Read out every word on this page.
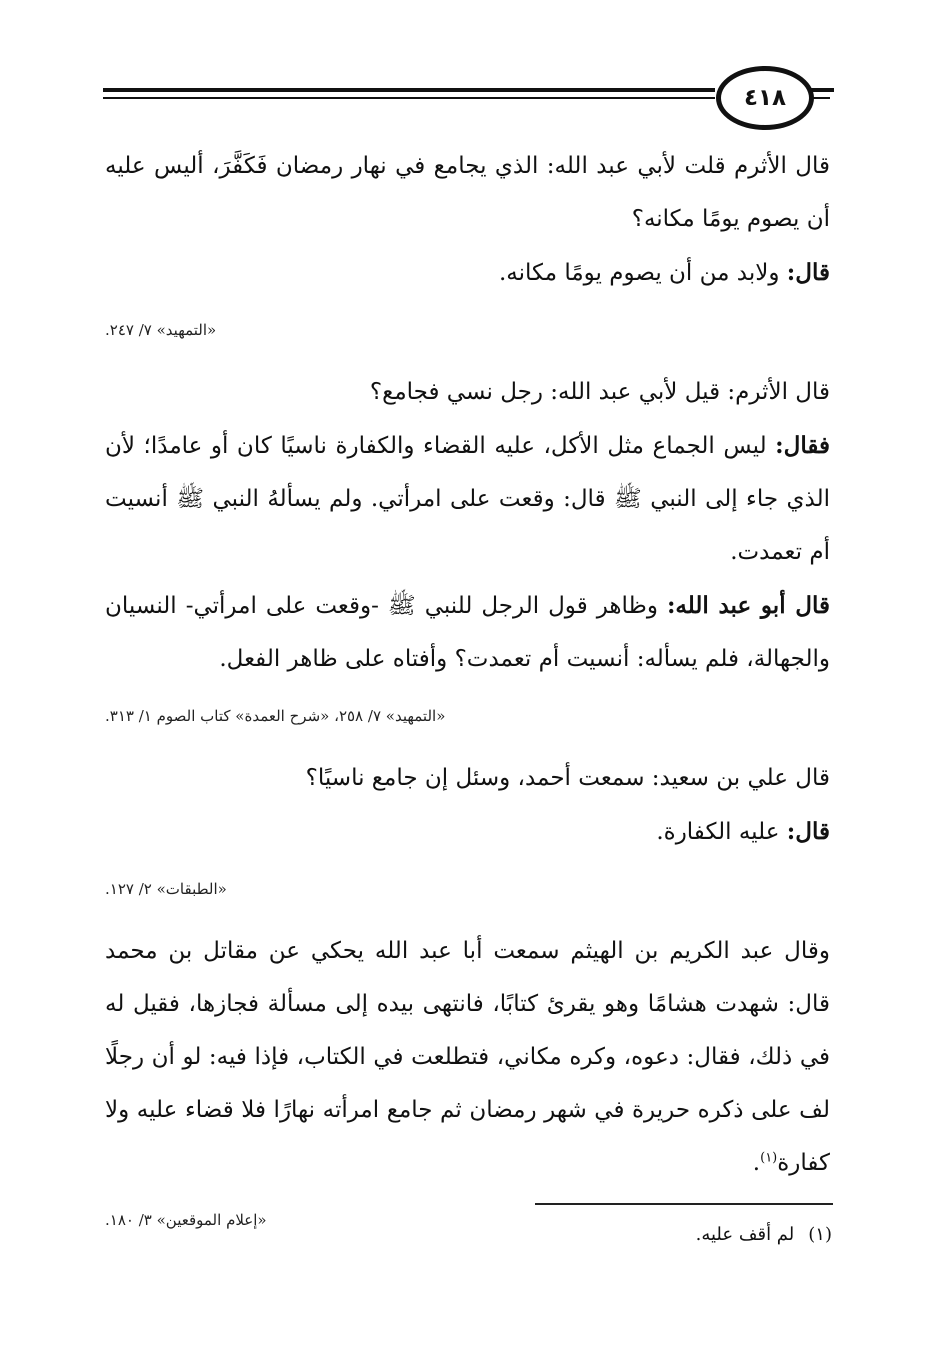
٤١٨

قال الأثرم قلت لأبي عبد الله: الذي يجامع في نهار رمضان فَكَفَّرَ، أليس عليه أن يصوم يومًا مكانه؟

قال: ولابد من أن يصوم يومًا مكانه.

«التمهيد» ٧/ ٢٤٧.

قال الأثرم: قيل لأبي عبد الله: رجل نسي فجامع؟

فقال: ليس الجماع مثل الأكل، عليه القضاء والكفارة ناسيًا كان أو عامدًا؛ لأن الذي جاء إلى النبي ﷺ قال: وقعت على امرأتي. ولم يسألهُ النبي ﷺ أنسيت أم تعمدت.

قال أبو عبد الله: وظاهر قول الرجل للنبي ﷺ -وقعت على امرأتي- النسيان والجهالة، فلم يسأله: أنسيت أم تعمدت؟ وأفتاه على ظاهر الفعل.

«التمهيد» ٧/ ٢٥٨، «شرح العمدة» كتاب الصوم ١/ ٣١٣.

قال علي بن سعيد: سمعت أحمد، وسئل إن جامع ناسيًا؟

قال: عليه الكفارة.

«الطبقات» ٢/ ١٢٧.

وقال عبد الكريم بن الهيثم سمعت أبا عبد الله يحكي عن مقاتل بن محمد قال: شهدت هشامًا وهو يقرئ كتابًا، فانتهى بيده إلى مسألة فجازها، فقيل له في ذلك، فقال: دعوه، وكره مكاني، فتطلعت في الكتاب، فإذا فيه: لو أن رجلًا لف على ذكره حريرة في شهر رمضان ثم جامع امرأته نهارًا فلا قضاء عليه ولا كفارة$^{(١)}$.

«إعلام الموقعين» ٣/ ١٨٠.
(١)لم أقف عليه.
